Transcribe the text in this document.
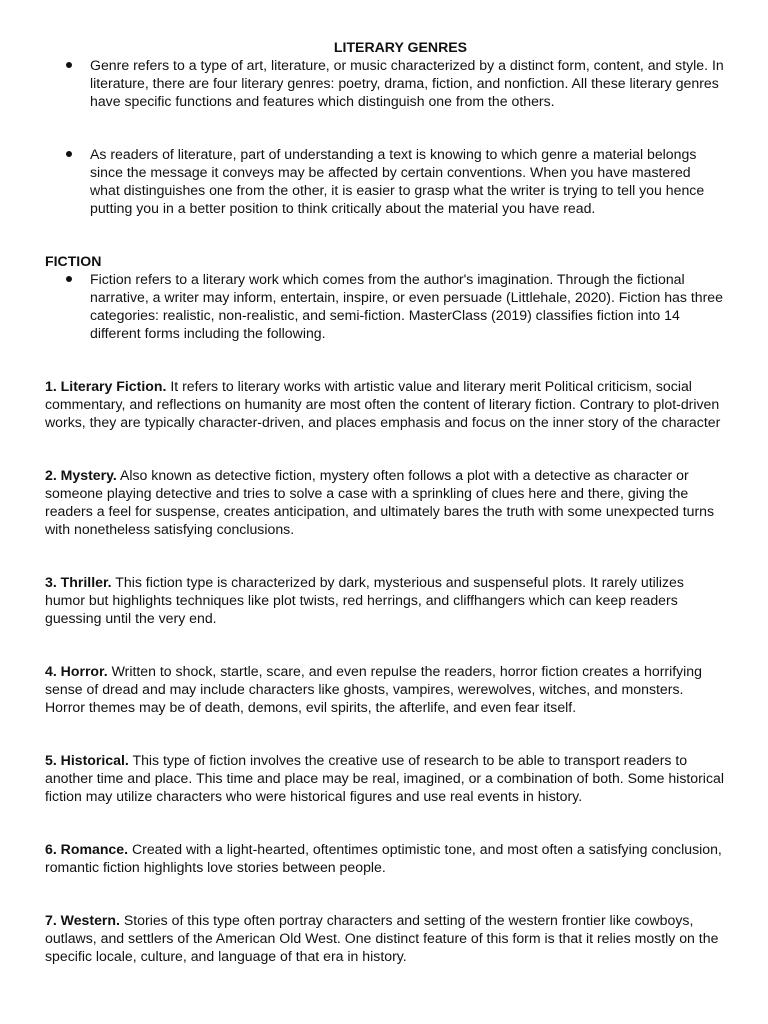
LITERARY GENRES
Genre refers to a type of art, literature, or music characterized by a distinct form, content, and style. In literature, there are four literary genres: poetry, drama, fiction, and nonfiction. All these literary genres have specific functions and features which distinguish one from the others.
As readers of literature, part of understanding a text is knowing to which genre a material belongs since the message it conveys may be affected by certain conventions. When you have mastered what distinguishes one from the other, it is easier to grasp what the writer is trying to tell you hence putting you in a better position to think critically about the material you have read.
FICTION
Fiction refers to a literary work which comes from the author's imagination. Through the fictional narrative, a writer may inform, entertain, inspire, or even persuade (Littlehale, 2020). Fiction has three categories: realistic, non-realistic, and semi-fiction. MasterClass (2019) classifies fiction into 14 different forms including the following.

1. Literary Fiction. It refers to literary works with artistic value and literary merit Political criticism, social commentary, and reflections on humanity are most often the content of literary fiction. Contrary to plot-driven works, they are typically character-driven, and places emphasis and focus on the inner story of the character

2. Mystery. Also known as detective fiction, mystery often follows a plot with a detective as character or someone playing detective and tries to solve a case with a sprinkling of clues here and there, giving the readers a feel for suspense, creates anticipation, and ultimately bares the truth with some unexpected turns with nonetheless satisfying conclusions.

3. Thriller. This fiction type is characterized by dark, mysterious and suspenseful plots. It rarely utilizes humor but highlights techniques like plot twists, red herrings, and cliffhangers which can keep readers guessing until the very end.

4. Horror. Written to shock, startle, scare, and even repulse the readers, horror fiction creates a horrifying sense of dread and may include characters like ghosts, vampires, werewolves, witches, and monsters. Horror themes may be of death, demons, evil spirits, the afterlife, and even fear itself.

5. Historical. This type of fiction involves the creative use of research to be able to transport readers to another time and place. This time and place may be real, imagined, or a combination of both. Some historical fiction may utilize characters who were historical figures and use real events in history.

6. Romance. Created with a light-hearted, oftentimes optimistic tone, and most often a satisfying conclusion, romantic fiction highlights love stories between people.

7. Western. Stories of this type often portray characters and setting of the western frontier like cowboys, outlaws, and settlers of the American Old West. One distinct feature of this form is that it relies mostly on the specific locale, culture, and language of that era in history.
